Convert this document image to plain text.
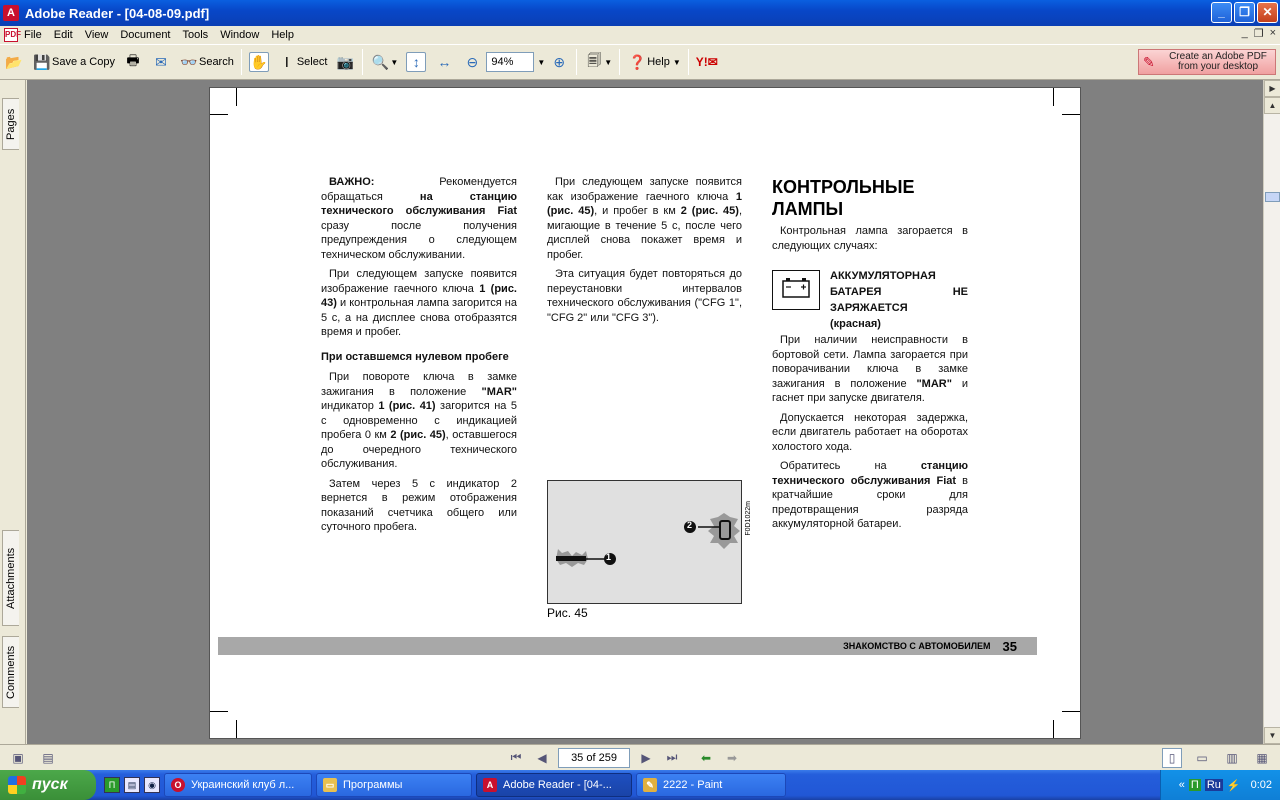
A Adobe Reader - [04-08-09.pdf]	_	❐	✕
PDF File	Edit	View	Document	Tools	Window	Help	_ ❐ ×
📂 💾 Save a Copy 🖶 ✉ 👓 Search ✋	Ⅰ Select 📷 🔍 ▼	↕	↔ ⊖	94%	▼ ⊕ 🗐 ▼ ❓ Help ▼ Y!✉	✎	Create an Adobe PDF
from your desktop
Pages
Attachments
Comments

ВАЖНО: Рекомендуется обращаться на станцию технического обслуживания Fiat сразу после получения предупреждения о следующем техническом обслуживании.

При следующем запуске появится изображение гаечного ключа 1 (рис. 43) и контрольная лампа загорится на 5 с, а на дисплее снова отобразятся время и пробег.

При оставшемся нулевом пробеге

При повороте ключа в замке зажигания в положение "MAR" индикатор 1 (рис. 41) загорится на 5 с одновременно с индикацией пробега 0 км 2 (рис. 45), оставшегося до очередного технического обслуживания.

Затем через 5 с индикатор 2 вернется в режим отображения показаний счетчика общего или суточного пробега.

При следующем запуске появится как изображение гаечного ключа 1 (рис. 45), и пробег в км 2 (рис. 45), мигающие в течение 5 с, после чего дисплей снова покажет время и пробег.

Эта ситуация будет повторяться до переустановки интервалов технического обслуживания ("CFG 1", "CFG 2" или "CFG 3").

1
2	F0D1022m
Рис. 45
КОНТРОЛЬНЫЕ ЛАМПЫ

Контрольная лампа загорается в следующих случаях:

АККУМУЛЯТОРНАЯ БАТАРЕЯ НЕ ЗАРЯЖАЕТСЯ
(красная)

При наличии неисправности в бортовой сети. Лампа загорается при поворачивании ключа в замке зажигания в положение "MAR" и гаснет при запуске двигателя.

Допускается некоторая задержка, если двигатель работает на оборотах холостого хода.

Обратитесь на станцию технического обслуживания Fiat в кратчайшие сроки для предотвращения разряда аккумуляторной батареи.

ЗНАКОМСТВО С АВТОМОБИЛЕМ 35
▶
▲
▼
▣	▤	⏮	◀	35 of 259	▶	⏭	⬅	➡	▯	▭	▥	▦
пуск	П	▤	◉	O Украинский клуб л...	▭ Программы	A Adobe Reader - [04-...	✎ 2222 - Paint	« П Ru ⚡ 0:02
